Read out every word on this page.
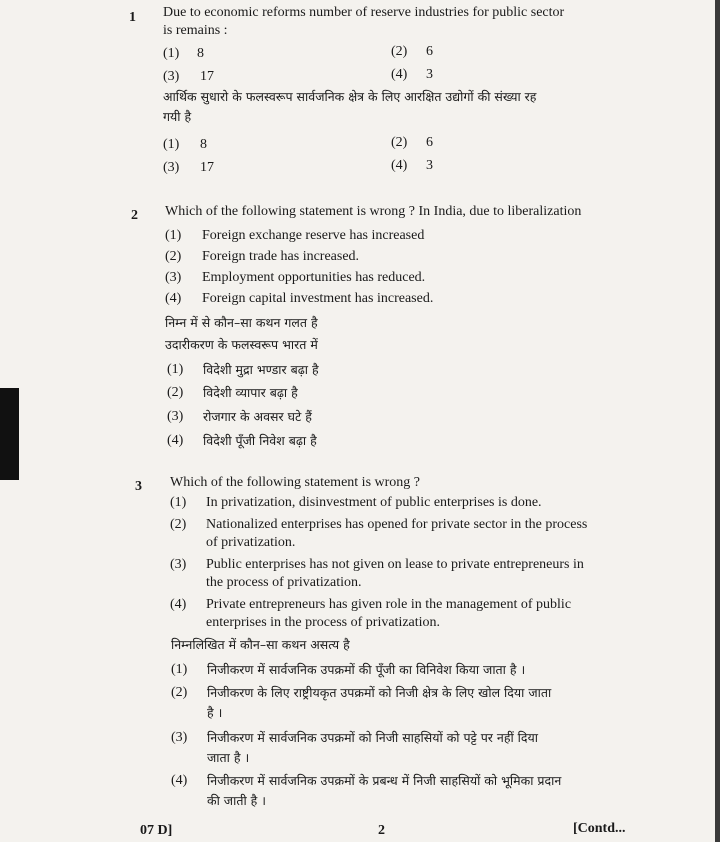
1 Due to economic reforms number of reserve industries for public sector
is remains :
(1) 8	(2) 6
(3) 17	(4) 3
आर्थिक सुधारो के फलस्वरूप सार्वजनिक क्षेत्र के लिए आरक्षित उद्योगों की संख्या रह
गयी है
(1) 8	(2) 6
(3) 17	(4) 3
2 Which of the following statement is wrong ? In India, due to liberalization
(1) Foreign exchange reserve has increased
(2) Foreign trade has increased.
(3) Employment opportunities has reduced.
(4) Foreign capital investment has increased.
निम्न में से कौन–सा कथन गलत है
उदारीकरण के फलस्वरूप भारत में
(1) विदेशी मुद्रा भण्डार बढ़ा है
(2) विदेशी व्यापार बढ़ा है
(3) रोजगार के अवसर घटे हैं
(4) विदेशी पूँजी निवेश बढ़ा है
3 Which of the following statement is wrong ?
(1) In privatization, disinvestment of public enterprises is done.
(2) Nationalized enterprises has opened for private sector in the process
of privatization.
(3) Public enterprises has not given on lease to private entrepreneurs in
the process of privatization.
(4) Private entrepreneurs has given role in the management of public
enterprises in the process of privatization.
निम्नलिखित में कौन–सा कथन असत्य है
(1) निजीकरण में सार्वजनिक उपक्रमों की पूँजी का विनिवेश किया जाता है ।
(2) निजीकरण के लिए राष्ट्रीयकृत उपक्रमों को निजी क्षेत्र के लिए खोल दिया जाता
है ।
(3) निजीकरण में सार्वजनिक उपक्रमों को निजी साहसियों को पट्टे पर नहीं दिया
जाता है ।
(4) निजीकरण में सार्वजनिक उपक्रमों के प्रबन्ध में निजी साहसियों को भूमिका प्रदान
की जाती है ।
07 D]	2	[Contd...
